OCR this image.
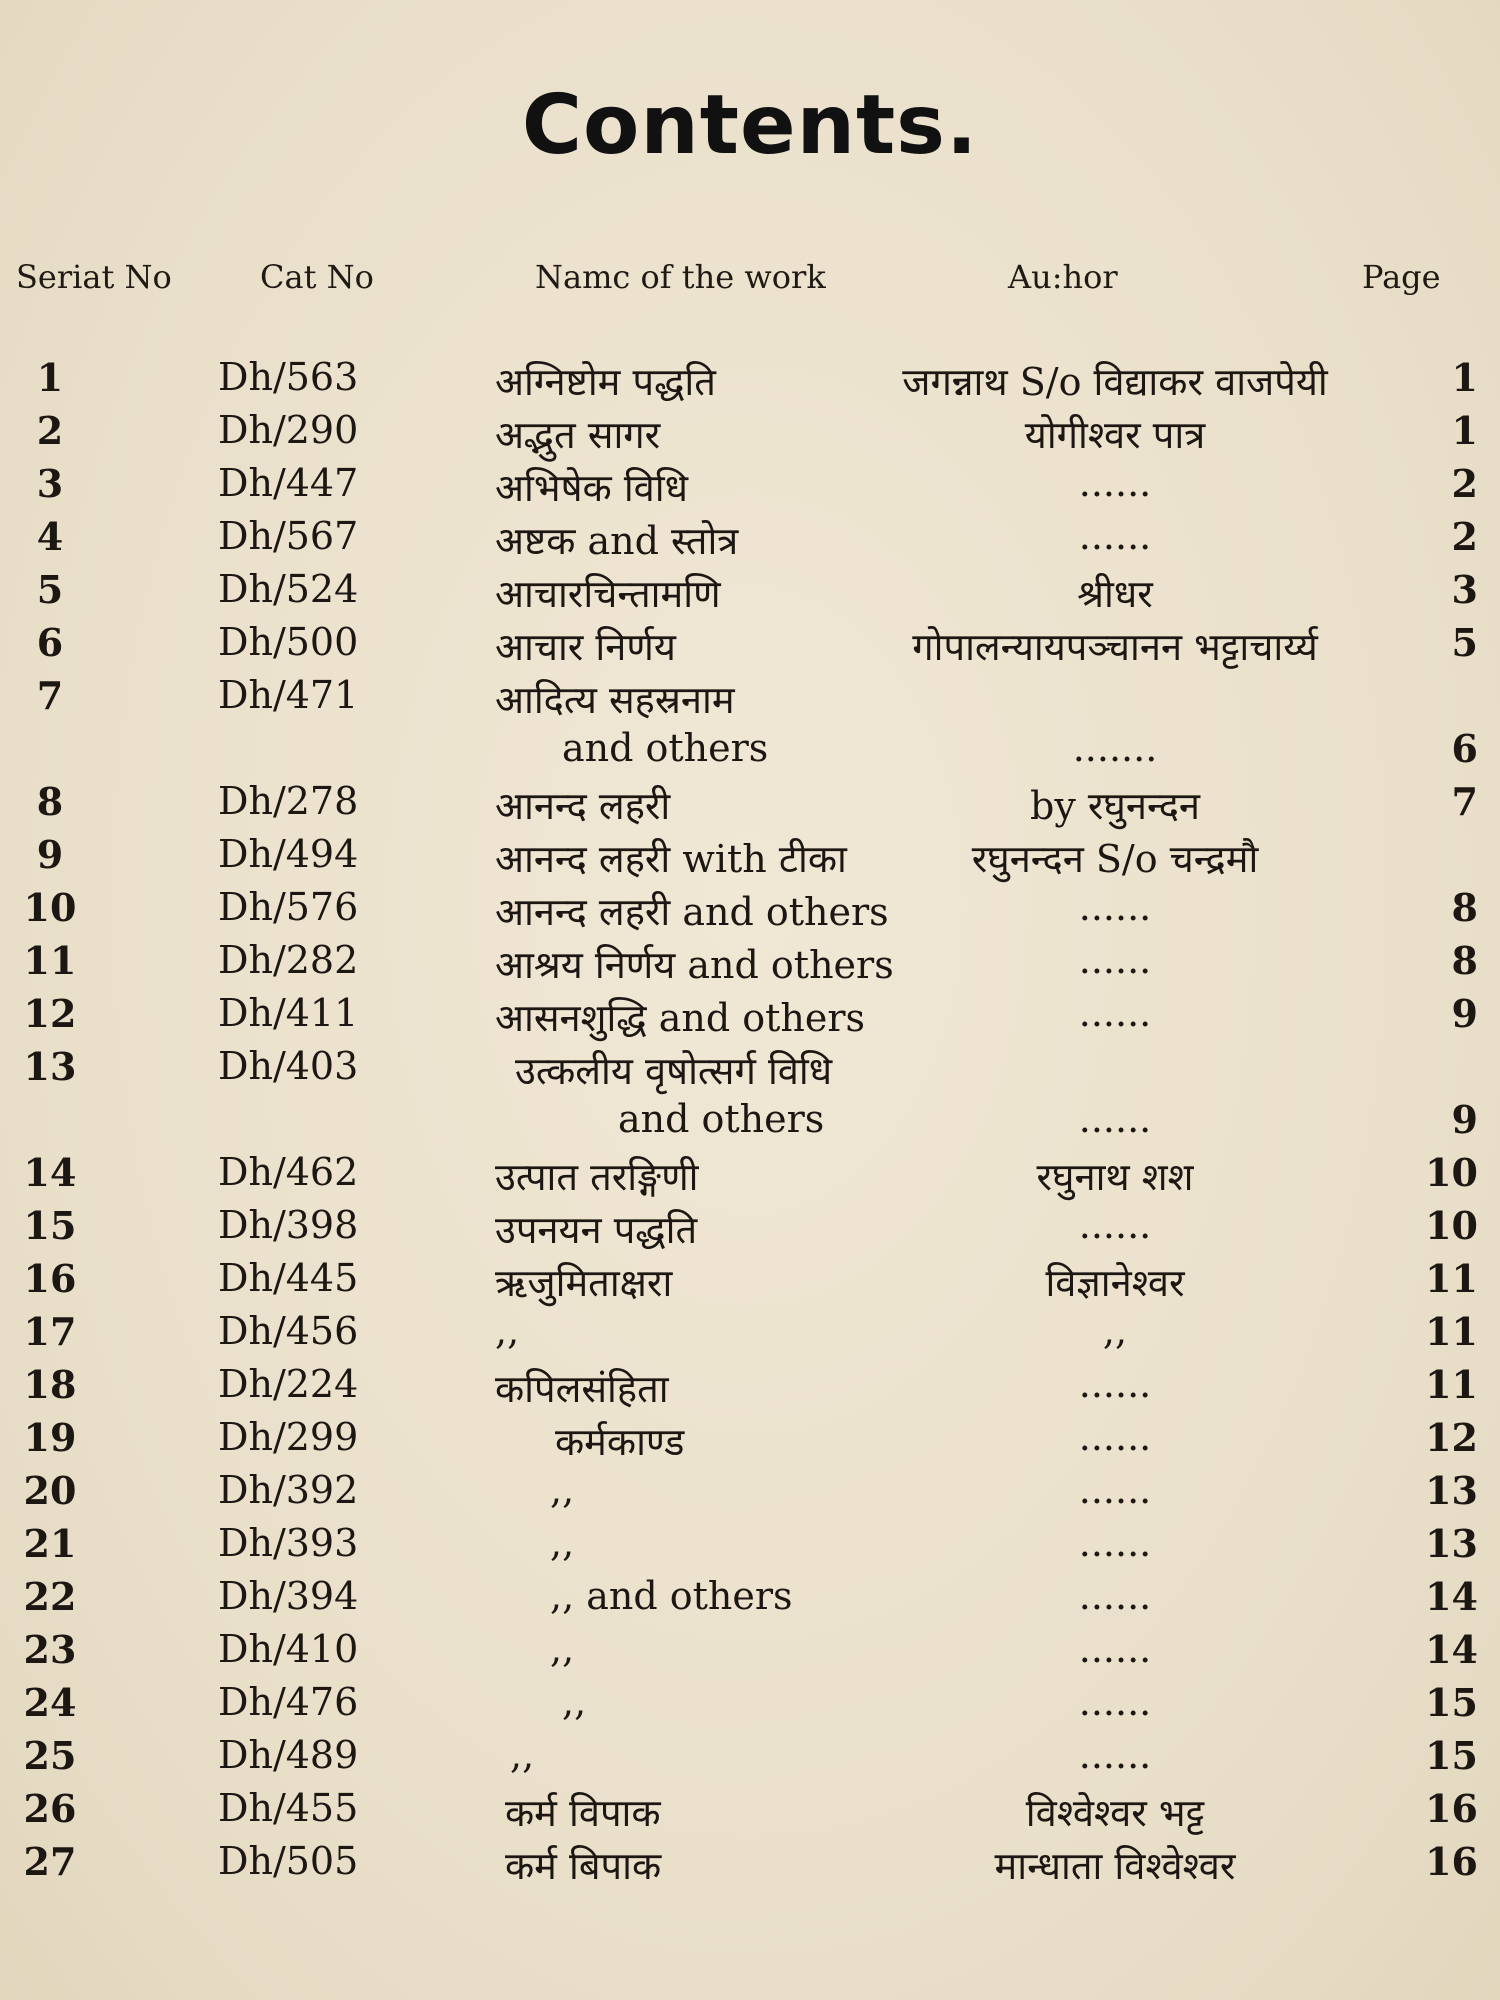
Contents.
Seriat No	Cat No	Namc of the work	Au:hor	Page
1	Dh/563	अग्निष्टोम पद्धति	जगन्नाथ S/o विद्याकर वाजपेयी	1
2	Dh/290	अद्भुत सागर	योगीश्वर पात्र	1
3	Dh/447	अभिषेक विधि	......	2
4	Dh/567	अष्टक and स्तोत्र	......	2
5	Dh/524	आचारचिन्तामणि	श्रीधर	3
6	Dh/500	आचार निर्णय	गोपालन्यायपञ्चानन भट्टाचार्य्य	5
7	Dh/471	आदित्य सहस्रनाम
and others	.......	6
8	Dh/278	आनन्द लहरी	by रघुनन्दन	7
9	Dh/494	आनन्द लहरी with टीका	रघुनन्दन S/o चन्द्रमौ
10	Dh/576	आनन्द लहरी and others	......	8
11	Dh/282	आश्रय निर्णय and others	......	8
12	Dh/411	आसनशुद्धि and others	......	9
13	Dh/403	उत्कलीय वृषोत्सर्ग विधि
and others	......	9
14	Dh/462	उत्पात तरङ्गिणी	रघुनाथ शश	10
15	Dh/398	उपनयन पद्धति	......	10
16	Dh/445	ऋजुमिताक्षरा	विज्ञानेश्वर	11
17	Dh/456	,,	,,	11
18	Dh/224	कपिलसंहिता	......	11
19	Dh/299	कर्मकाण्ड	......	12
20	Dh/392	,,	......	13
21	Dh/393	,,	......	13
22	Dh/394	,, and others	......	14
23	Dh/410	,,	......	14
24	Dh/476	,,	......	15
25	Dh/489	,,	......	15
26	Dh/455	कर्म विपाक	विश्वेश्वर भट्ट	16
27	Dh/505	कर्म बिपाक	मान्धाता विश्वेश्वर	16
